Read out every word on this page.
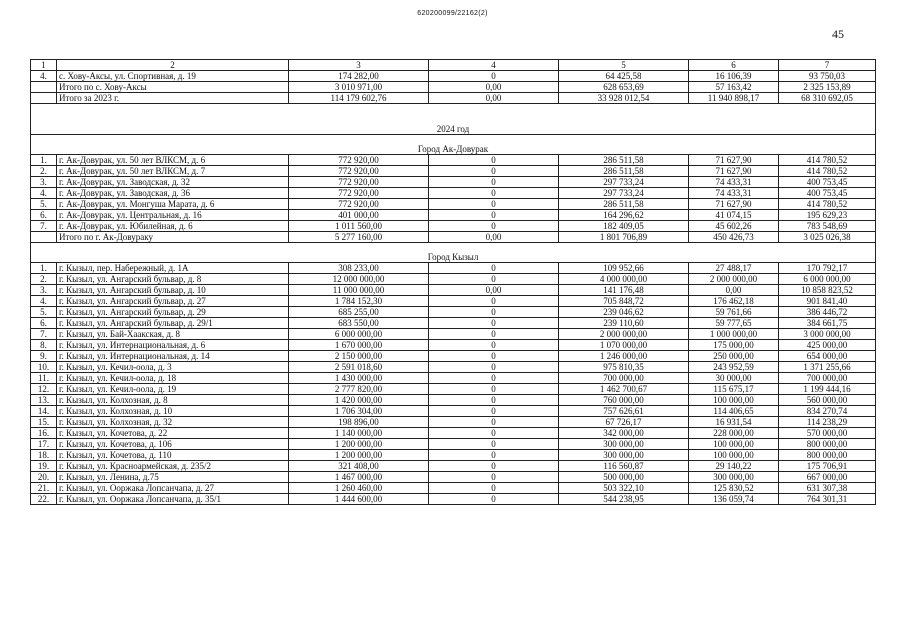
620200099/22162(2)
45
1	2	3	4	5	6	7
4.	с. Хову-Аксы, ул. Спортивная, д. 19	174 282,00	0	64 425,58	16 106,39	93 750,03
	Итого по с. Хову-Аксы	3 010 971,00	0,00	628 653,69	57 163,42	2 325 153,89
	Итого за 2023 г.	114 179 602,76	0,00	33 928 012,54	11 940 898,17	68 310 692,05

2024 год						

Город Ак-Довурак						
1.	г. Ак-Довурак, ул. 50 лет ВЛКСМ, д. 6	772 920,00	0	286 511,58	71 627,90	414 780,52
2.	г. Ак-Довурак, ул. 50 лет ВЛКСМ, д. 7	772 920,00	0	286 511,58	71 627,90	414 780,52
3.	г. Ак-Довурак, ул. Заводская, д. 32	772 920,00	0	297 733,24	74 433,31	400 753,45
4.	г. Ак-Довурак, ул. Заводская, д. 36	772 920,00	0	297 733,24	74 433,31	400 753,45
5.	г. Ак-Довурак, ул. Монгуша Марата, д. 6	772 920,00	0	286 511,58	71 627,90	414 780,52
6.	г. Ак-Довурак, ул. Центральная, д. 16	401 000,00	0	164 296,62	41 074,15	195 629,23
7.	г. Ак-Довурак, ул. Юбилейная, д. 6	1 011 560,00	0	182 409,05	45 602,26	783 548,69
	Итого по г. Ак-Довураку	5 277 160,00	0,00	1 801 706,89	450 426,73	3 025 026,38

Город Кызыл						
1.	г. Кызыл, пер. Набережный, д. 1А	308 233,00	0	109 952,66	27 488,17	170 792,17
2.	г. Кызыл, ул. Ангарский бульвар, д. 8	12 000 000,00	0	4 000 000,00	2 000 000,00	6 000 000,00
3.	г. Кызыл, ул. Ангарский бульвар, д. 10	11 000 000,00	0,00	141 176,48	0,00	10 858 823,52
4.	г. Кызыл, ул. Ангарский бульвар, д. 27	1 784 152,30	0	705 848,72	176 462,18	901 841,40
5.	г. Кызыл, ул. Ангарский бульвар, д. 29	685 255,00	0	239 046,62	59 761,66	386 446,72
6.	г. Кызыл, ул. Ангарский бульвар, д. 29/1	683 550,00	0	239 110,60	59 777,65	384 661,75
7.	г. Кызыл, ул. Бай-Хаакская, д. 8	6 000 000,00	0	2 000 000,00	1 000 000,00	3 000 000,00
8.	г. Кызыл, ул. Интернациональная, д. 6	1 670 000,00	0	1 070 000,00	175 000,00	425 000,00
9.	г. Кызыл, ул. Интернациональная, д. 14	2 150 000,00	0	1 246 000,00	250 000,00	654 000,00
10.	г. Кызыл, ул. Кечил-оола, д. 3	2 591 018,60	0	975 810,35	243 952,59	1 371 255,66
11.	г. Кызыл, ул. Кечил-оола, д. 18	1 430 000,00	0	700 000,00	30 000,00	700 000,00
12.	г. Кызыл, ул. Кечил-оола, д. 19	2 777 820,00	0	1 462 700,67	115 675,17	1 199 444,16
13.	г. Кызыл, ул. Колхозная, д. 8	1 420 000,00	0	760 000,00	100 000,00	560 000,00
14.	г. Кызыл, ул. Колхозная, д. 10	1 706 304,00	0	757 626,61	114 406,65	834 270,74
15.	г. Кызыл, ул. Колхозная, д. 32	198 896,00	0	67 726,17	16 931,54	114 238,29
16.	г. Кызыл, ул. Кочетова, д. 22	1 140 000,00	0	342 000,00	228 000,00	570 000,00
17.	г. Кызыл, ул. Кочетова, д. 106	1 200 000,00	0	300 000,00	100 000,00	800 000,00
18.	г. Кызыл, ул. Кочетова, д. 110	1 200 000,00	0	300 000,00	100 000,00	800 000,00
19.	г. Кызыл, ул. Красноармейская, д. 235/2	321 408,00	0	116 560,87	29 140,22	175 706,91
20.	г. Кызыл, ул. Ленина, д.75	1 467 000,00	0	500 000,00	300 000,00	667 000,00
21.	г. Кызыл, ул. Ооржака Лопсанчапа, д. 27	1 260 460,00	0	503 322,10	125 830,52	631 307,38
22.	г. Кызыл, ул. Ооржака Лопсанчапа, д. 35/1	1 444 600,00	0	544 238,95	136 059,74	764 301,31
